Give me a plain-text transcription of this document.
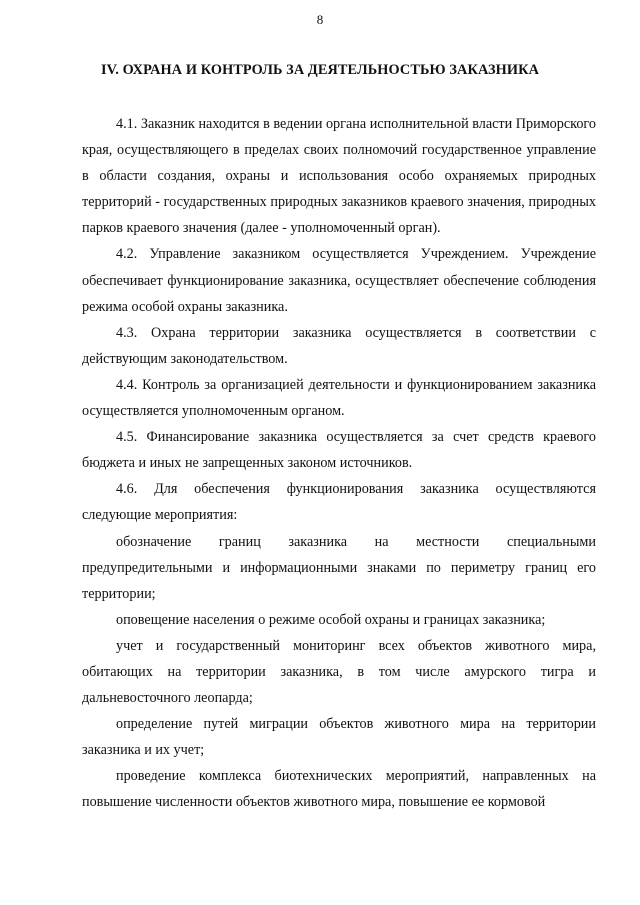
8
IV. ОХРАНА И КОНТРОЛЬ ЗА ДЕЯТЕЛЬНОСТЬЮ ЗАКАЗНИКА

4.1. Заказник находится в ведении органа исполнительной власти Приморского края, осуществляющего в пределах своих полномочий государственное управление в области создания, охраны и использования особо охраняемых природных территорий - государственных природных заказников краевого значения, природных парков краевого значения (далее - уполномоченный орган).

4.2. Управление заказником осуществляется Учреждением. Учреждение обеспечивает функционирование заказника, осуществляет обеспечение соблюдения режима особой охраны заказника.

4.3. Охрана территории заказника осуществляется в соответствии с действующим законодательством.

4.4. Контроль за организацией деятельности и функционированием заказника осуществляется уполномоченным органом.

4.5. Финансирование заказника осуществляется за счет средств краевого бюджета и иных не запрещенных законом источников.

4.6. Для обеспечения функционирования заказника осуществляются следующие мероприятия:

обозначение границ заказника на местности специальными предупредительными и информационными знаками по периметру границ его территории;

оповещение населения о режиме особой охраны и границах заказника;

учет и государственный мониторинг всех объектов животного мира, обитающих на территории заказника, в том числе амурского тигра и дальневосточного леопарда;

определение путей миграции объектов животного мира на территории заказника и их учет;

проведение комплекса биотехнических мероприятий, направленных на повышение численности объектов животного мира, повышение ее кормовой
